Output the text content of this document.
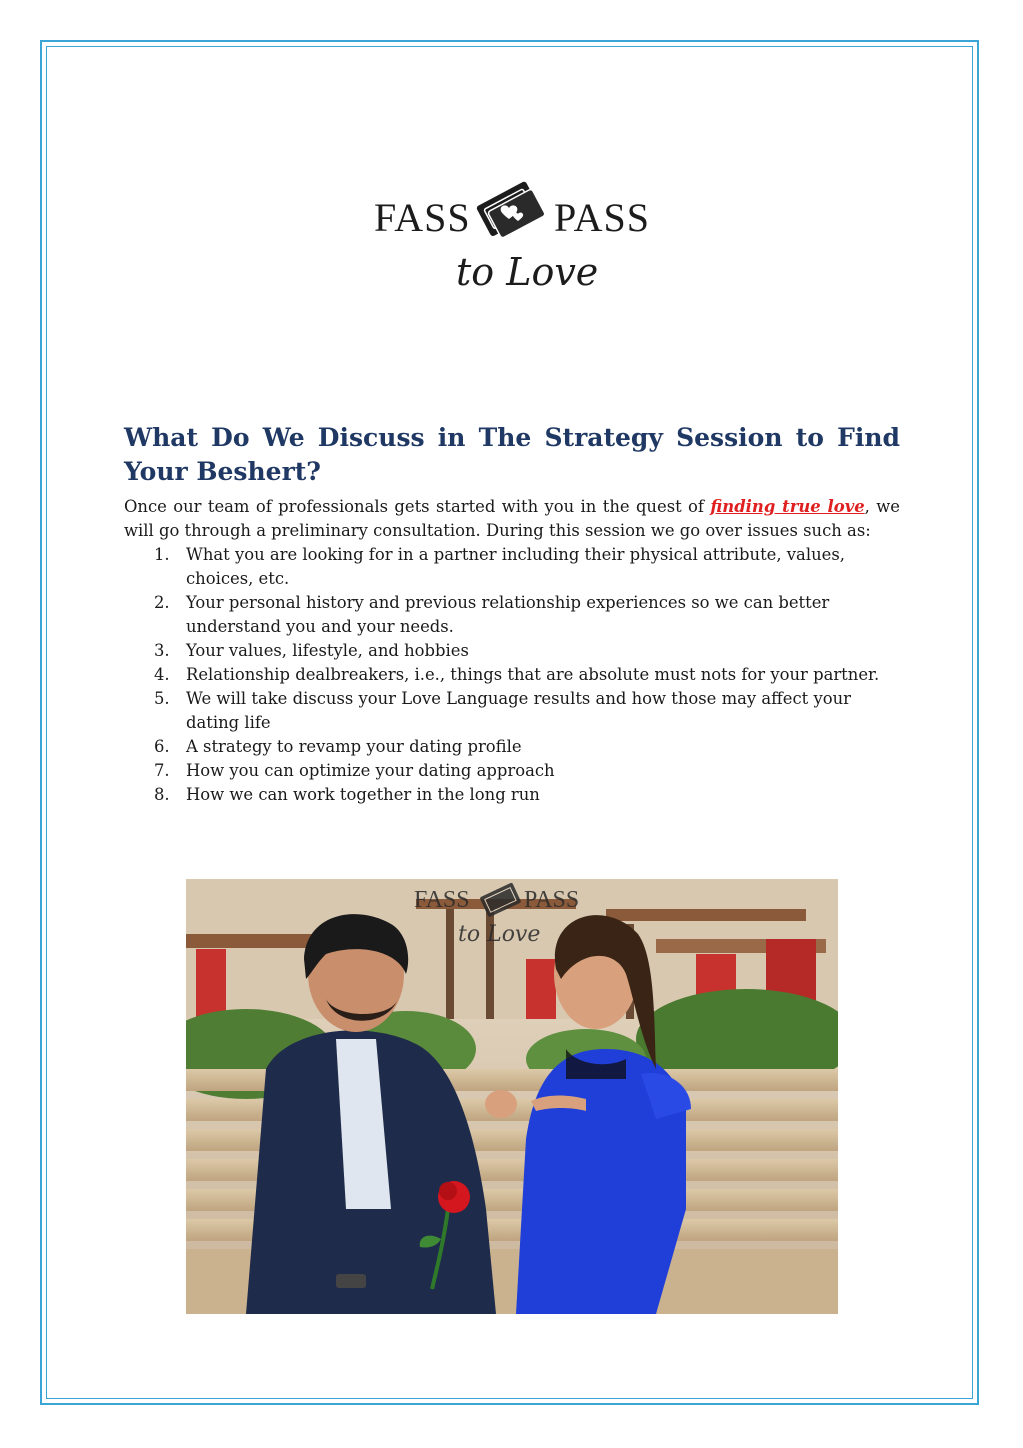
FASS PASS
to Love
What Do We Discuss in The Strategy Session to Find Your Beshert?

Once our team of professionals gets started with you in the quest of finding true love, we will go through a preliminary consultation. During this session we go over issues such as:

1. What you are looking for in a partner including their physical attribute, values, choices, etc.
2. Your personal history and previous relationship experiences so we can better understand you and your needs.
3. Your values, lifestyle, and hobbies
4. Relationship dealbreakers, i.e., things that are absolute must nots for your partner.
5. We will take discuss your Love Language results and how those may affect your dating life
6. A strategy to revamp your dating profile
7. How you can optimize your dating approach
8. How we can work together in the long run
FASS PASS
to Love
